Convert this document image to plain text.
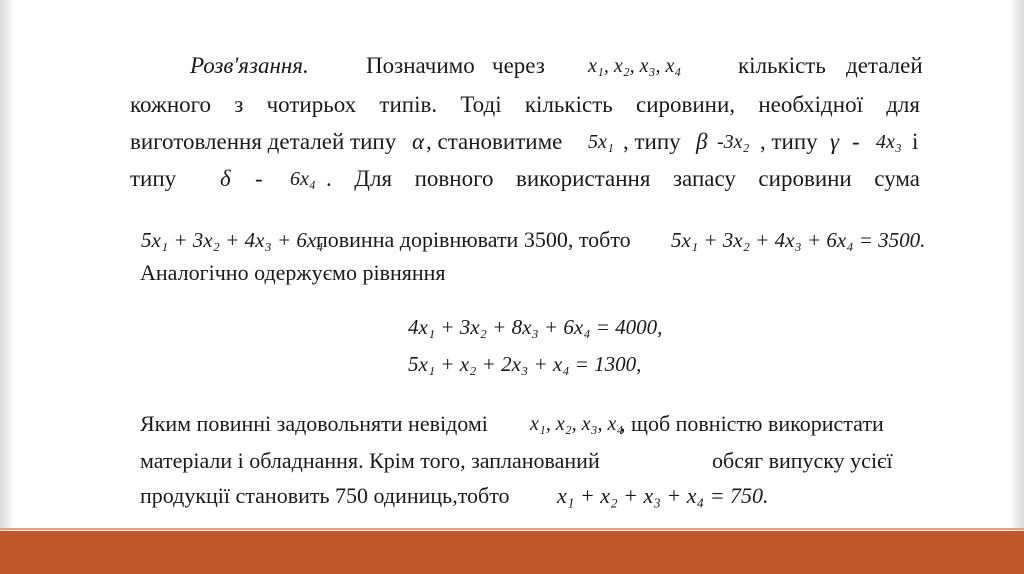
Розв'язання. Позначимо через x₁, x₂, x₃, x₄ кількість деталей
кожного з чотирьох типів. Тоді кількість сировини, необхідної для
виготовлення деталей типу α , становитиме 5x₁ , типу β -3x₂ , типу γ - 4x₃ і
типу δ - 6x₄ . Для повного використання запасу сировини сума
5x₁ + 3x₂ + 4x₃ + 6x₄
повинна дорівнювати 3500, тобто 5x₁ + 3x₂ + 4x₃ + 6x₄ = 3500.
Аналогічно одержуємо рівняння
4x₁ + 3x₂ + 8x₃ + 6x₄ = 4000,
5x₁ + x₂ + 2x₃ + x₄ = 1300,
Яким повинні задовольняти невідомі x₁, x₂, x₃, x₄
, щоб повністю використати
матеріали і обладнання. Крім того, запланований	обсяг випуску усієї
продукції становить 750 одиниць,тобто x₁ + x₂ + x₃ + x₄ = 750.
